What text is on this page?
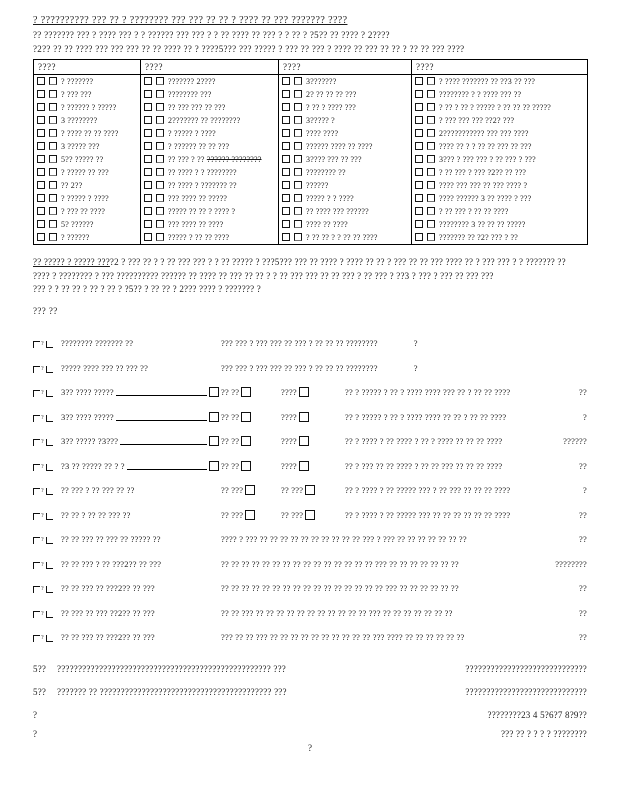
? ?????????? ??? ?? ? ???????? ??? ??? ?? ?? ? ???? ?? ??? ??????? ????
?? ??????? ??? ? ???? ??? ? ? ?????? ??? ??? ? ? ?? ???? ?? ??? ? ? ?? ? ?5?? ?? ???? ? 2????
?2?? ?? ?? ???? ??? ??? ??? ?? ?? ???? ?? ? ????5??? ??? ????? ? ??? ?? ??? ? ???? ?? ??? ?? ?? ? ?? ?? ??? ????
????	????	????	????
? ???????	??????? 2????	3???????	? ???? ??????? ?? ??3 ?? ???
? ??? ???	???????? ???	2? ?? ?? ?? ???	???????? ? ? ???? ??? ??
? ?????? ? ?????	?? ??? ??? ?? ???	? ?? ? ???? ???	? ?? ? ?? ? ????? ? ?? ?? ?? ?????
3 ????????	2??????? ?? ????????	3????? ?	? ??? ??? ??? ??2? ???
? ???? ?? ?? ????	? ????? ? ????	???? ????	2??????????? ??? ??? ????
3 ????? ???	? ?????? ?? ?? ???	?????? ???? ?? ????	???? ?? ? ? ?? ?? ??? ?? ???
5?? ????? ??	?? ??? ? ?? ?????? ????????	3???? ??? ?? ???	3??? ? ??? ??? ? ?? ??? ? ???
? ????? ?? ???	?? ???? ? ? ????????	???????? ??	? ?? ??? ? ??? ?2?? ?? ???
?? 2??	?? ???? ? ??????? ??	??????	???? ??? ??? ?? ??? ???? ?
? ????? ? ????	??? ???? ?? ?????	????? ? ? ????	???? ?????? 3 ?? ???? ? ???
? ??? ?? ????	????? ?? ?? ? ???? ?	?? ???? ??? ??????	? ?? ??? ? ?? ?? ????
5? ??????	??? ???? ?? ????	???? ?? ????	???????? 3 ?? ?? ?? ?????
? ??????	????? ? ?? ?? ????	? ?? ?? ? ? ?? ?? ????	??????? ?? ?2? ??? ? ??
?? ????? ? ????? ????2 ? ??? ?? ? ? ?? ??? ??? ? ? ?? ????? ? ???5??? ??? ?? ???? ? ???? ?? ?? ? ??? ?? ?? ??? ???? ?? ? ??? ??? ? ? ??????? ??
???? ? ???????? ? ??? ?????????? ?????? ?? ???? ?? ??? ?? ?? ? ? ?? ??? ??? ?? ?? ??? ? ?? ??? ? ??3 ? ??? ? ??? ?? ??? ???
??? ? ? ?? ?? ? ?? ? ?? ? ?5?? ? ?? ?? ? 2??? ???? ? ??????? ?
??? ??
? ???????? ??????? ??	??? ??? ? ??? ??? ?? ??? ? ?? ?? ?? ????????	?
? ????? ???? ??? ?? ??? ??	??? ??? ? ??? ??? ?? ??? ? ?? ?? ?? ????????	?
? 3?? ???? ?????	?? ??	????	?? ? ????? ? ?? ? ???? ???? ??? ?? ? ?? ?? ????	??
? 3?? ???? ?????	?? ??	????	?? ? ????? ? ?? ? ???? ???? ?? ?? ? ?? ?? ????	?
? 3?? ????? ?3???	?? ??	????	?? ? ???? ? ?? ???? ? ?? ? ???? ?? ?? ?? ????	??????
? ?3 ?? ????? ?? ? ?	?? ??	????	?? ? ??? ?? ?? ???? ? ?? ?? ??? ?? ?? ?? ????	??
? ?? ??? ? ?? ??? ?? ??	?? ???	?? ???	?? ? ???? ? ?? ????? ??? ? ?? ??? ?? ?? ?? ????	?
? ?? ?? ? ?? ?? ??? ??	?? ???	?? ???	?? ? ???? ? ?? ????? ??? ?? ?? ?? ?? ?? ?? ????	??
? ?? ?? ??? ?? ??? ?? ????? ??	???? ? ??? ?? ?? ?? ?? ?? ?? ?? ?? ?? ?? ??? ? ??? ?? ?? ?? ?? ?? ?? ??	??
? ?? ?? ??? ? ?? ???2?? ?? ???	?? ?? ?? ?? ?? ?? ?? ?? ?? ?? ?? ?? ?? ?? ?? ??? ?? ?? ?? ?? ?? ?? ??	????????
? ?? ?? ??? ?? ???2?? ?? ???	?? ?? ?? ?? ?? ?? ?? ?? ?? ?? ?? ?? ?? ?? ?? ?? ??? ?? ?? ?? ?? ?? ??	??
? ?? ??? ?? ??? ??2?? ?? ???	?? ?? ??? ?? ?? ?? ?? ?? ?? ?? ?? ?? ?? ?? ??? ?? ?? ?? ?? ?? ?? ??	??
? ?? ?? ??? ?? ???2?? ?? ???	??? ?? ?? ??? ?? ?? ?? ?? ?? ?? ?? ?? ?? ?? ??? ???? ?? ?? ?? ?? ?? ??	??
5??	??????????????????????????????????????????????????? ???	?????????????????????????????
5??	??????? ?? ????????????????????????????????????????? ???	?????????????????????????????
?	????????23 4 5?6?7 8?9??
?	??? ?? ? ? ? ? ????????
?
